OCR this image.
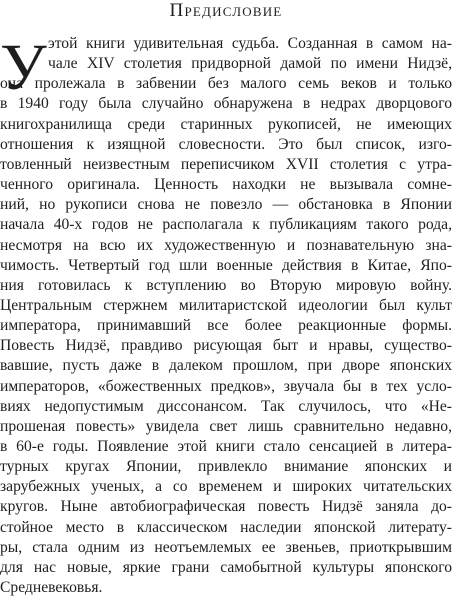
Предисловие
У этой книги удивительная судьба. Созданная в самом на-
чале XIV столетия придворной дамой по имени Нидзё,
она пролежала в забвении без малого семь веков и только
в 1940 году была случайно обнаружена в недрах дворцового
книгохранилища среди старинных рукописей, не имеющих
отношения к изящной словесности. Это был список, изго-
товленный неизвестным переписчиком XVII столетия с утра-
ченного оригинала. Ценность находки не вызывала сомне-
ний, но рукописи снова не повезло — обстановка в Японии
начала 40-х годов не располагала к публикациям такого рода,
несмотря на всю их художественную и познавательную зна-
чимость. Четвертый год шли военные действия в Китае, Япо-
ния готовилась к вступлению во Вторую мировую войну.
Центральным стержнем милитаристской идеологии был культ
императора, принимавший все более реакционные формы.
Повесть Нидзё, правдиво рисующая быт и нравы, существо-
вавшие, пусть даже в далеком прошлом, при дворе японских
императоров, «божественных предков», звучала бы в тех усло-
виях недопустимым диссонансом. Так случилось, что «Не-
прошеная повесть» увидела свет лишь сравнительно недавно,
в 60-е годы. Появление этой книги стало сенсацией в литера-
турных кругах Японии, привлекло внимание японских и
зарубежных ученых, а со временем и широких читательских
кругов. Ныне автобиографическая повесть Нидзё заняла до-
стойное место в классическом наследии японской литерату-
ры, стала одним из неотъемлемых ее звеньев, приоткрывшим
для нас новые, яркие грани самобытной культуры японского
Средневековья.
